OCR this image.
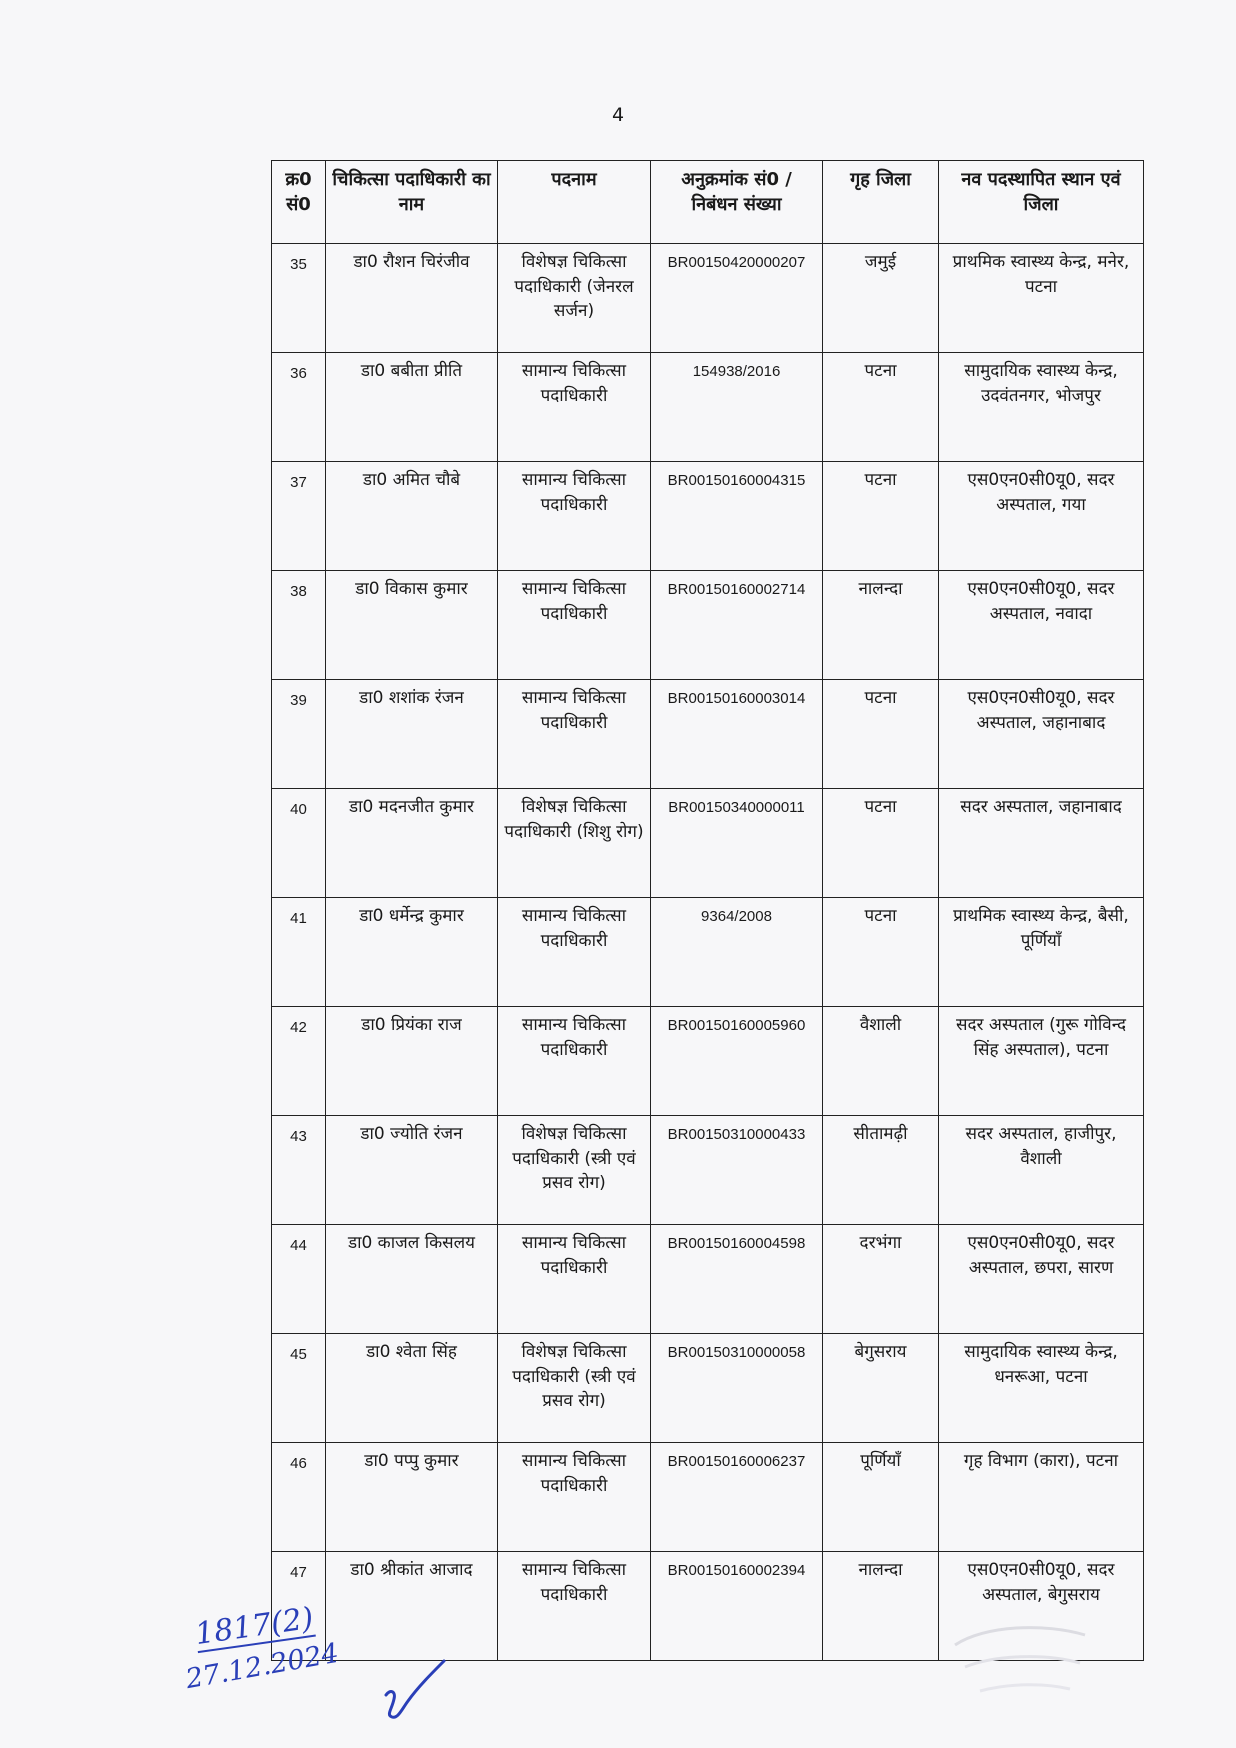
4
क्र0 सं0	चिकित्सा पदाधिकारी का नाम	पदनाम	अनुक्रमांक सं0 / निबंधन संख्या	गृह जिला	नव पदस्थापित स्थान एवं जिला
35	डा0 रौशन चिरंजीव	विशेषज्ञ चिकित्सा पदाधिकारी (जेनरल सर्जन)	BR00150420000207	जमुई	प्राथमिक स्वास्थ्य केन्द्र, मनेर, पटना
36	डा0 बबीता प्रीति	सामान्य चिकित्सा पदाधिकारी	154938/2016	पटना	सामुदायिक स्वास्थ्य केन्द्र, उदवंतनगर, भोजपुर
37	डा0 अमित चौबे	सामान्य चिकित्सा पदाधिकारी	BR00150160004315	पटना	एस0एन0सी0यू0, सदर अस्पताल, गया
38	डा0 विकास कुमार	सामान्य चिकित्सा पदाधिकारी	BR00150160002714	नालन्दा	एस0एन0सी0यू0, सदर अस्पताल, नवादा
39	डा0 शशांक रंजन	सामान्य चिकित्सा पदाधिकारी	BR00150160003014	पटना	एस0एन0सी0यू0, सदर अस्पताल, जहानाबाद
40	डा0 मदनजीत कुमार	विशेषज्ञ चिकित्सा पदाधिकारी (शिशु रोग)	BR00150340000011	पटना	सदर अस्पताल, जहानाबाद
41	डा0 धर्मेन्द्र कुमार	सामान्य चिकित्सा पदाधिकारी	9364/2008	पटना	प्राथमिक स्वास्थ्य केन्द्र, बैसी, पूर्णियाँ
42	डा0 प्रियंका राज	सामान्य चिकित्सा पदाधिकारी	BR00150160005960	वैशाली	सदर अस्पताल (गुरू गोविन्द सिंह अस्पताल), पटना
43	डा0 ज्योति रंजन	विशेषज्ञ चिकित्सा पदाधिकारी (स्त्री एवं प्रसव रोग)	BR00150310000433	सीतामढ़ी	सदर अस्पताल, हाजीपुर, वैशाली
44	डा0 काजल किसलय	सामान्य चिकित्सा पदाधिकारी	BR00150160004598	दरभंगा	एस0एन0सी0यू0, सदर अस्पताल, छपरा, सारण
45	डा0 श्वेता सिंह	विशेषज्ञ चिकित्सा पदाधिकारी (स्त्री एवं प्रसव रोग)	BR00150310000058	बेगुसराय	सामुदायिक स्वास्थ्य केन्द्र, धनरूआ, पटना
46	डा0 पप्पु कुमार	सामान्य चिकित्सा पदाधिकारी	BR00150160006237	पूर्णियाँ	गृह विभाग (कारा), पटना
47	डा0 श्रीकांत आजाद	सामान्य चिकित्सा पदाधिकारी	BR00150160002394	नालन्दा	एस0एन0सी0यू0, सदर अस्पताल, बेगुसराय
1817(2)
27.12.2024
